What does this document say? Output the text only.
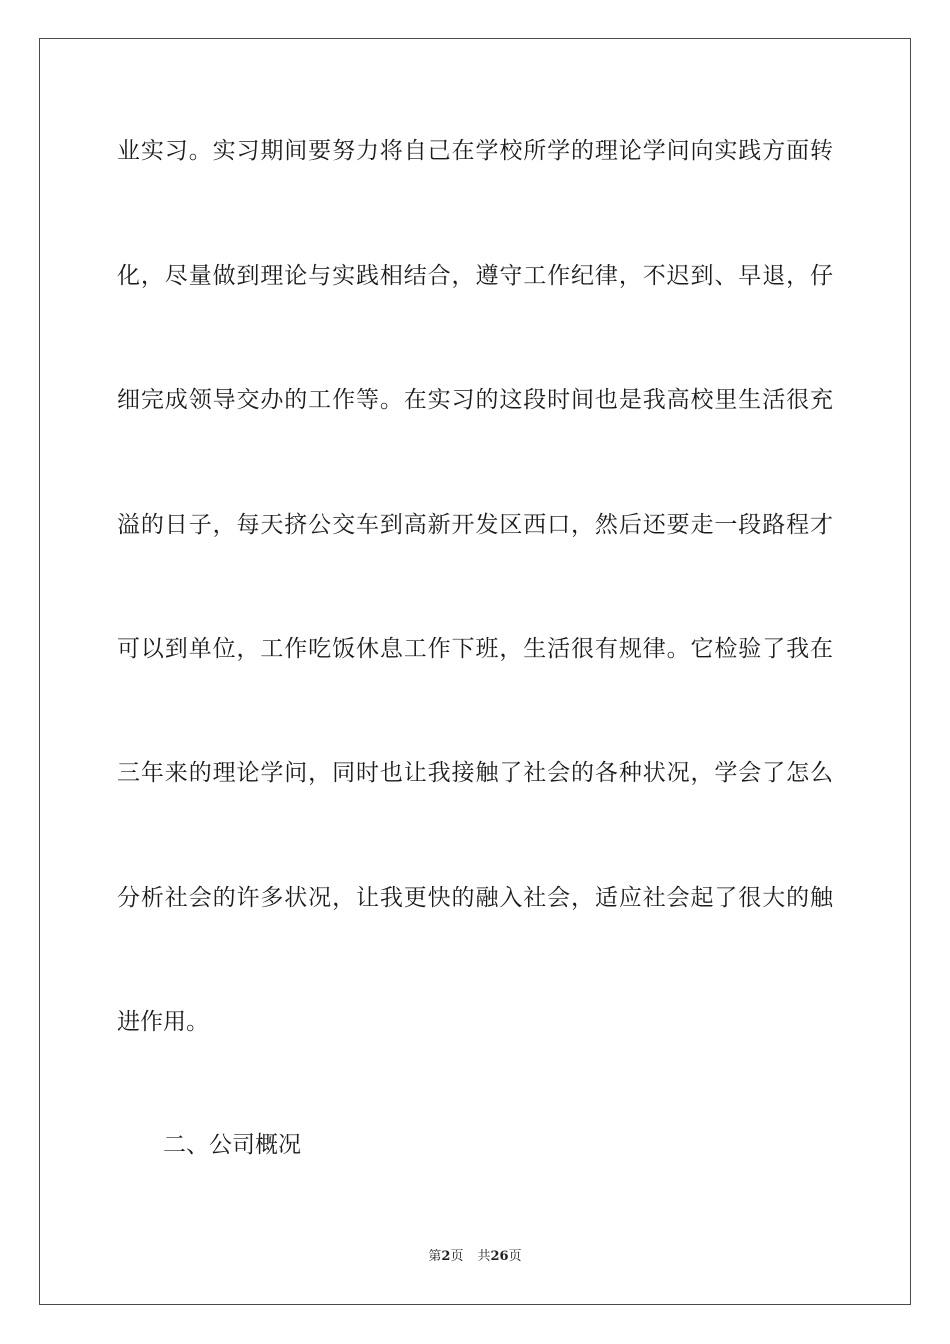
业实习。实习期间要努力将自己在学校所学的理论学问向实践方面转
化，尽量做到理论与实践相结合，遵守工作纪律，不迟到、早退，仔
细完成领导交办的工作等。在实习的这段时间也是我高校里生活很充
溢的日子，每天挤公交车到高新开发区西口，然后还要走一段路程才
可以到单位，工作吃饭休息工作下班，生活很有规律。它检验了我在
三年来的理论学问，同时也让我接触了社会的各种状况，学会了怎么
分析社会的许多状况，让我更快的融入社会，适应社会起了很大的触
进作用。
二、公司概况
第2页 共26页
